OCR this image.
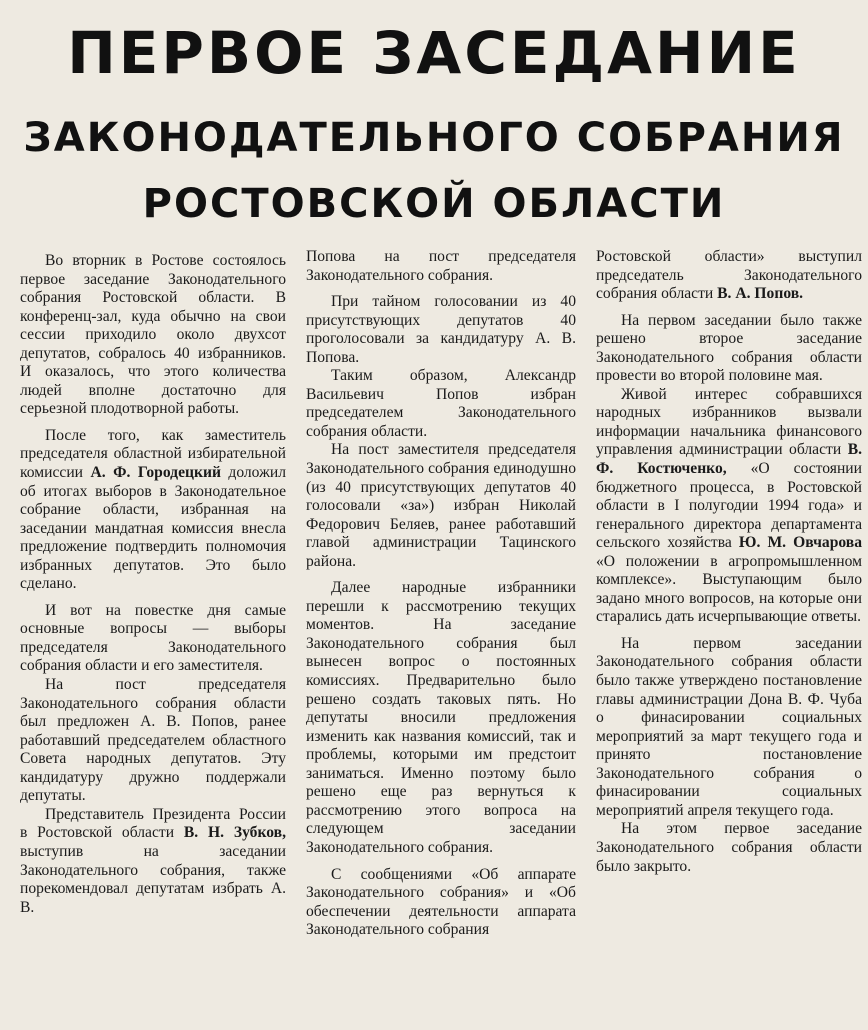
ПЕРВОЕ ЗАСЕДАНИЕ
ЗАКОНОДАТЕЛЬНОГО СОБРАНИЯ
РОСТОВСКОЙ ОБЛАСТИ

Во вторник в Ростове состоялось первое заседание Законодательного собрания Ростовской области. В конференц-зал, куда обычно на свои сессии приходило около двухсот депутатов, собралось 40 избранников. И оказалось, что этого количества людей вполне достаточно для серьезной плодотворной работы.

После того, как заместитель председателя областной избирательной комиссии А. Ф. Городецкий доложил об итогах выборов в Законодательное собрание области, избранная на заседании мандатная комиссия внесла предложение подтвердить полномочия избранных депутатов. Это было сделано.

И вот на повестке дня самые основные вопросы — выборы председателя Законодательного собрания области и его заместителя.

На пост председателя Законодательного собрания области был предложен А. В. Попов, ранее работавший председателем областного Совета народных депутатов. Эту кандидатуру дружно поддержали депутаты.

Представитель Президента России в Ростовской области В. Н. Зубков, выступив на заседании Законодательного собрания, также порекомендовал депутатам избрать А. В.

Попова на пост председателя Законодательного собрания.

При тайном голосовании из 40 присутствующих депутатов 40 проголосовали за кандидатуру А. В. Попова.

Таким образом, Александр Васильевич Попов избран председателем Законодательного собрания области.

На пост заместителя председателя Законодательного собрания единодушно (из 40 присутствующих депутатов 40 голосовали «за») избран Николай Федорович Беляев, ранее работавший главой администрации Тацинского района.

Далее народные избранники перешли к рассмотрению текущих моментов. На заседание Законодательного собрания был вынесен вопрос о постоянных комиссиях. Предварительно было решено создать таковых пять. Но депутаты вносили предложения изменить как названия комиссий, так и проблемы, которыми им предстоит заниматься. Именно поэтому было решено еще раз вернуться к рассмотрению этого вопроса на следующем заседании Законодательного собрания.

С сообщениями «Об аппарате Законодательного собрания» и «Об обеспечении деятельности аппарата Законодательного собрания

Ростовской области» выступил председатель Законодательного собрания области В. А. Попов.

На первом заседании было также решено второе заседание Законодательного собрания области провести во второй половине мая.

Живой интерес собравшихся народных избранников вызвали информации начальника финансового управления администрации области В. Ф. Костюченко, «О состоянии бюджетного процесса, в Ростовской области в I полугодии 1994 года» и генерального директора департамента сельского хозяйства Ю. М. Овчарова «О положении в агропромышленном комплексе». Выступающим было задано много вопросов, на которые они старались дать исчерпывающие ответы.

На первом заседании Законодательного собрания области было также утверждено постановление главы администрации Дона В. Ф. Чуба о финасировании социальных мероприятий за март текущего года и принято постановление Законодательного собрания о финасировании социальных мероприятий апреля текущего года.

На этом первое заседание Законодательного собрания области было закрыто.
